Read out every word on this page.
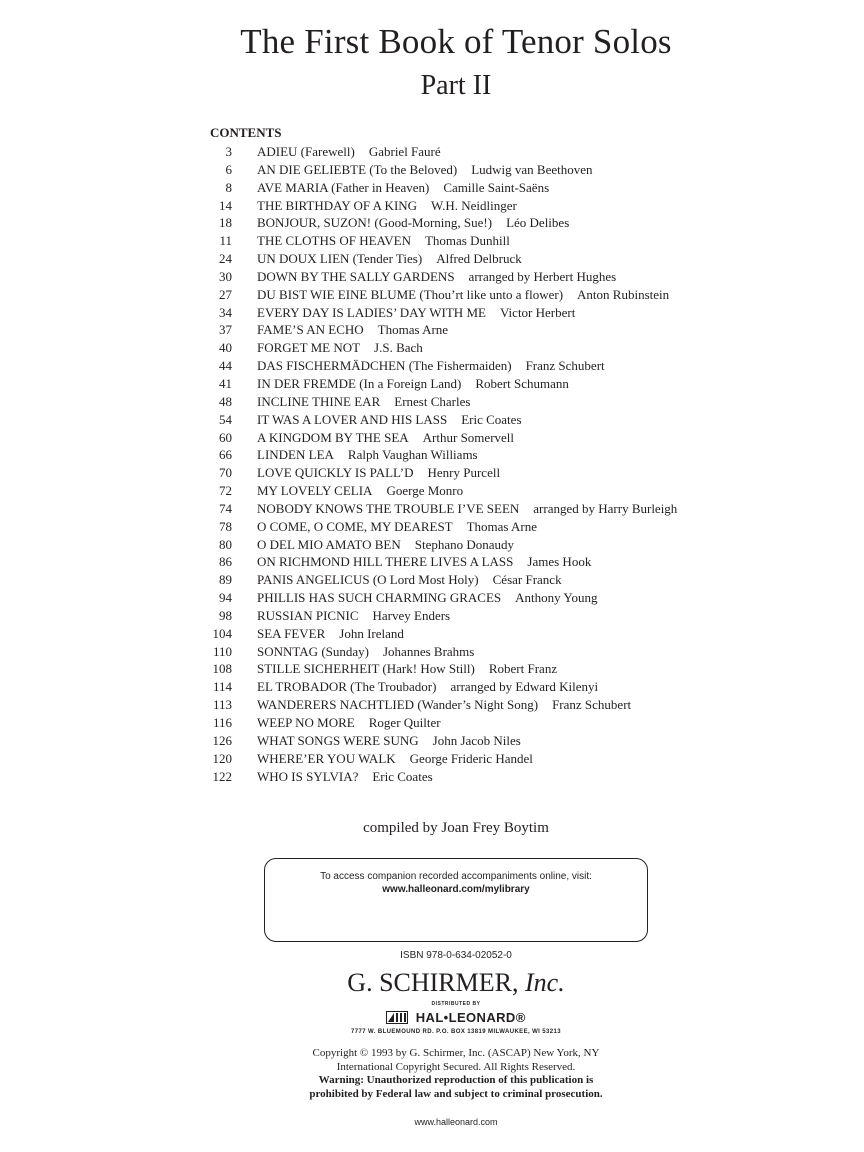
The First Book of Tenor Solos
Part II
CONTENTS
3 ADIEU (Farewell) Gabriel Fauré
6 AN DIE GELIEBTE (To the Beloved) Ludwig van Beethoven
8 AVE MARIA (Father in Heaven) Camille Saint-Saëns
14 THE BIRTHDAY OF A KING W.H. Neidlinger
18 BONJOUR, SUZON! (Good-Morning, Sue!) Léo Delibes
11 THE CLOTHS OF HEAVEN Thomas Dunhill
24 UN DOUX LIEN (Tender Ties) Alfred Delbruck
30 DOWN BY THE SALLY GARDENS arranged by Herbert Hughes
27 DU BIST WIE EINE BLUME (Thou’rt like unto a flower) Anton Rubinstein
34 EVERY DAY IS LADIES’ DAY WITH ME Victor Herbert
37 FAME’S AN ECHO Thomas Arne
40 FORGET ME NOT J.S. Bach
44 DAS FISCHERMÄDCHEN (The Fishermaiden) Franz Schubert
41 IN DER FREMDE (In a Foreign Land) Robert Schumann
48 INCLINE THINE EAR Ernest Charles
54 IT WAS A LOVER AND HIS LASS Eric Coates
60 A KINGDOM BY THE SEA Arthur Somervell
66 LINDEN LEA Ralph Vaughan Williams
70 LOVE QUICKLY IS PALL’D Henry Purcell
72 MY LOVELY CELIA Goerge Monro
74 NOBODY KNOWS THE TROUBLE I’VE SEEN arranged by Harry Burleigh
78 O COME, O COME, MY DEAREST Thomas Arne
80 O DEL MIO AMATO BEN Stephano Donaudy
86 ON RICHMOND HILL THERE LIVES A LASS James Hook
89 PANIS ANGELICUS (O Lord Most Holy) César Franck
94 PHILLIS HAS SUCH CHARMING GRACES Anthony Young
98 RUSSIAN PICNIC Harvey Enders
104 SEA FEVER John Ireland
110 SONNTAG (Sunday) Johannes Brahms
108 STILLE SICHERHEIT (Hark! How Still) Robert Franz
114 EL TROBADOR (The Troubador) arranged by Edward Kilenyi
113 WANDERERS NACHTLIED (Wander’s Night Song) Franz Schubert
116 WEEP NO MORE Roger Quilter
126 WHAT SONGS WERE SUNG John Jacob Niles
120 WHERE’ER YOU WALK George Frideric Handel
122 WHO IS SYLVIA? Eric Coates
compiled by Joan Frey Boytim
To access companion recorded accompaniments online, visit:
www.halleonard.com/mylibrary
ISBN 978-0-634-02052-0
G. SCHIRMER, Inc.
DISTRIBUTED BY
HAL•LEONARD®
7777 W. BLUEMOUND RD. P.O. BOX 13819 MILWAUKEE, WI 53213
Copyright © 1993 by G. Schirmer, Inc. (ASCAP) New York, NY
International Copyright Secured. All Rights Reserved.
Warning: Unauthorized reproduction of this publication is
prohibited by Federal law and subject to criminal prosecution.
www.halleonard.com
